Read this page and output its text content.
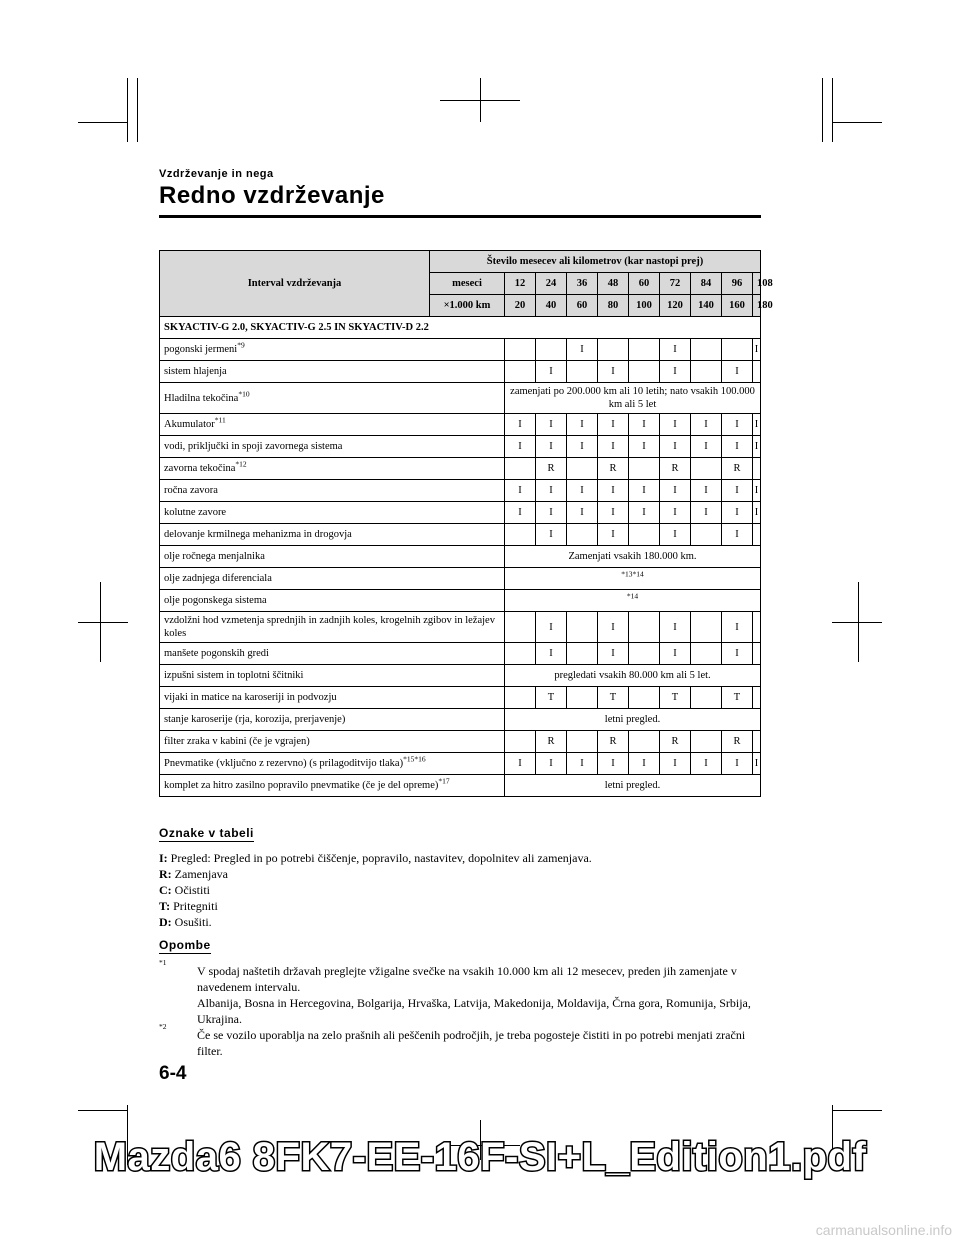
Vzdrževanje in nega
Redno vzdrževanje
Interval vzdrževanja	Število mesecev ali kilometrov (kar nastopi prej)									
	meseci	12	24	36	48	60	72	84	96	108
	×1.000 km	20	40	60	80	100	120	140	160	180
SKYACTIV-G 2.0, SKYACTIV-G 2.5 IN SKYACTIV-D 2.2										
pogonski jermeni$^{*9}$				I			I			I
sistem hlajenja			I		I		I		I	
Hladilna tekočina$^{*10}$		zamenjati po 200.000 km ali 10 letih; nato vsakih 100.000 km ali 5 let								
Akumulator$^{*11}$		I	I	I	I	I	I	I	I	I
vodi, priključki in spoji zavornega sistema		I	I	I	I	I	I	I	I	I
zavorna tekočina$^{*12}$			R		R		R		R	
ročna zavora		I	I	I	I	I	I	I	I	I
kolutne zavore		I	I	I	I	I	I	I	I	I
delovanje krmilnega mehanizma in drogovja			I		I		I		I	
olje ročnega menjalnika		Zamenjati vsakih 180.000 km.								
olje zadnjega diferenciala		$^{*13*14}$
olje pogonskega sistema		$^{*14}$
vzdolžni hod vzmetenja sprednjih in zadnjih koles, krogelnih zgibov in ležajev koles			I		I		I		I	
manšete pogonskih gredi			I		I		I		I	
izpušni sistem in toplotni ščitniki		pregledati vsakih 80.000 km ali 5 let.								
vijaki in matice na karoseriji in podvozju			T		T		T		T	
stanje karoserije (rja, korozija, prerjavenje)		letni pregled.								
filter zraka v kabini (če je vgrajen)			R		R		R		R	
Pnevmatike (vključno z rezervno) (s prilagoditvijo tlaka)$^{*15*16}$		I	I	I	I	I	I	I	I	I
komplet za hitro zasilno popravilo pnevmatike (če je del opreme)$^{*17}$		letni pregled.								
Oznake v tabeli
I: Pregled: Pregled in po potrebi čiščenje, popravilo, nastavitev, dopolnitev ali zamenjava.
R: Zamenjava
C: Očistiti
T: Pritegniti
D: Osušiti.
Opombe
*1
V spodaj naštetih državah preglejte vžigalne svečke na vsakih 10.000 km ali 12 mesecev, preden jih zamenjate v navedenem intervalu.
Albanija, Bosna in Hercegovina, Bolgarija, Hrvaška, Latvija, Makedonija, Moldavija, Črna gora, Romunija, Srbija, Ukrajina.
*2
Če se vozilo uporablja na zelo prašnih ali peščenih področjih, je treba pogosteje čistiti in po potrebi menjati zračni filter.
6-4
Mazda6 8FK7-EE-16F-SI+L_Edition1.pdf
carmanualsonline.info
